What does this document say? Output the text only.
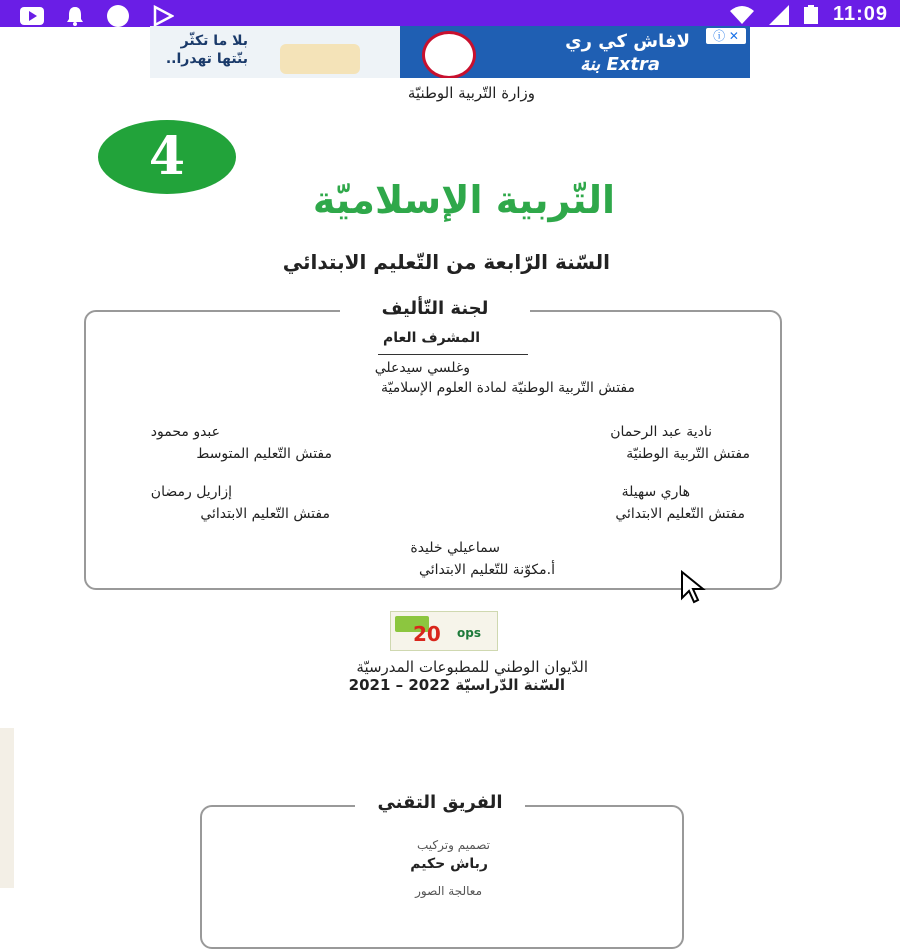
11:09
بلا ما تكثّر
بنّتها تهدرا..
لافاش كي ري
بنة Extra
ⓘ ✕
وزارة التّربية الوطنيّة
4
التّربية الإسلاميّة
السّنة الرّابعة من التّعليم الابتدائي
لجنة التّأليف
المشرف العام
وغلسي سيدعلي
مفتش التّربية الوطنيّة لمادة العلوم الإسلاميّة
نادية عبد الرحمان
مفتش التّربية الوطنيّة
عبدو محمود
مفتش التّعليم المتوسط
هاري سهيلة
مفتش التّعليم الابتدائي
إزاريل رمضان
مفتش التّعليم الابتدائي
سماعيلي خليدة
أ.مكوّنة للتّعليم الابتدائي
20	ops
الدّيوان الوطني للمطبوعات المدرسيّة
السّنة الدّراسيّة 2022 – 2021
الفريق التقني
تصميم وتركيب
رباش حكيم
معالجة الصور
